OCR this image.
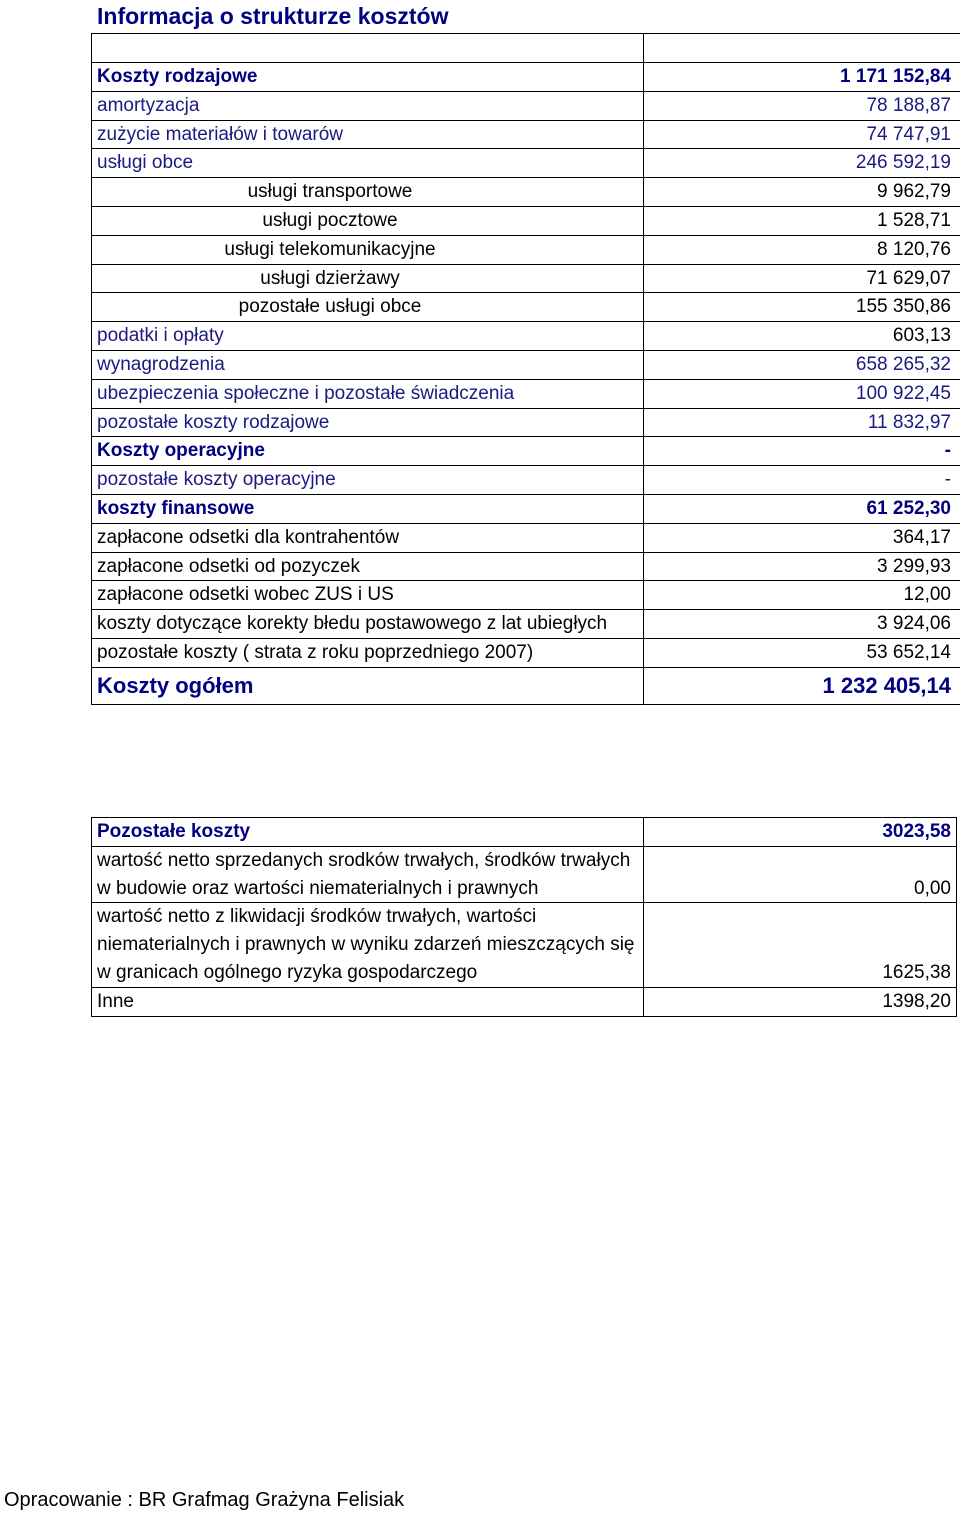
Informacja o strukturze kosztów

Koszty rodzajowe	1 171 152,84
amortyzacja	78 188,87
zużycie materiałów i towarów	74 747,91
usługi obce	246 592,19
usługi transportowe	9 962,79
usługi pocztowe	1 528,71
usługi telekomunikacyjne	8 120,76
usługi dzierżawy	71 629,07
pozostałe usługi obce	155 350,86
podatki i opłaty	603,13
wynagrodzenia	658 265,32
ubezpieczenia społeczne i pozostałe świadczenia	100 922,45
pozostałe koszty rodzajowe	11 832,97
Koszty operacyjne	-
pozostałe koszty operacyjne	-
koszty finansowe	61 252,30
zapłacone odsetki dla kontrahentów	364,17
zapłacone odsetki od pozyczek	3 299,93
zapłacone odsetki wobec ZUS i US	12,00
koszty dotyczące korekty błedu postawowego z lat ubiegłych	3 924,06
pozostałe koszty ( strata z roku poprzedniego 2007)	53 652,14
Koszty ogółem	1 232 405,14
Pozostałe koszty	3023,58
wartość netto sprzedanych srodków trwałych, środków trwałych w budowie oraz wartości niematerialnych i prawnych	0,00
wartość netto z likwidacji środków trwałych, wartości niematerialnych i prawnych w wyniku zdarzeń mieszczących się w granicach ogólnego ryzyka gospodarczego	1625,38
Inne	1398,20
Opracowanie : BR Grafmag Grażyna Felisiak
